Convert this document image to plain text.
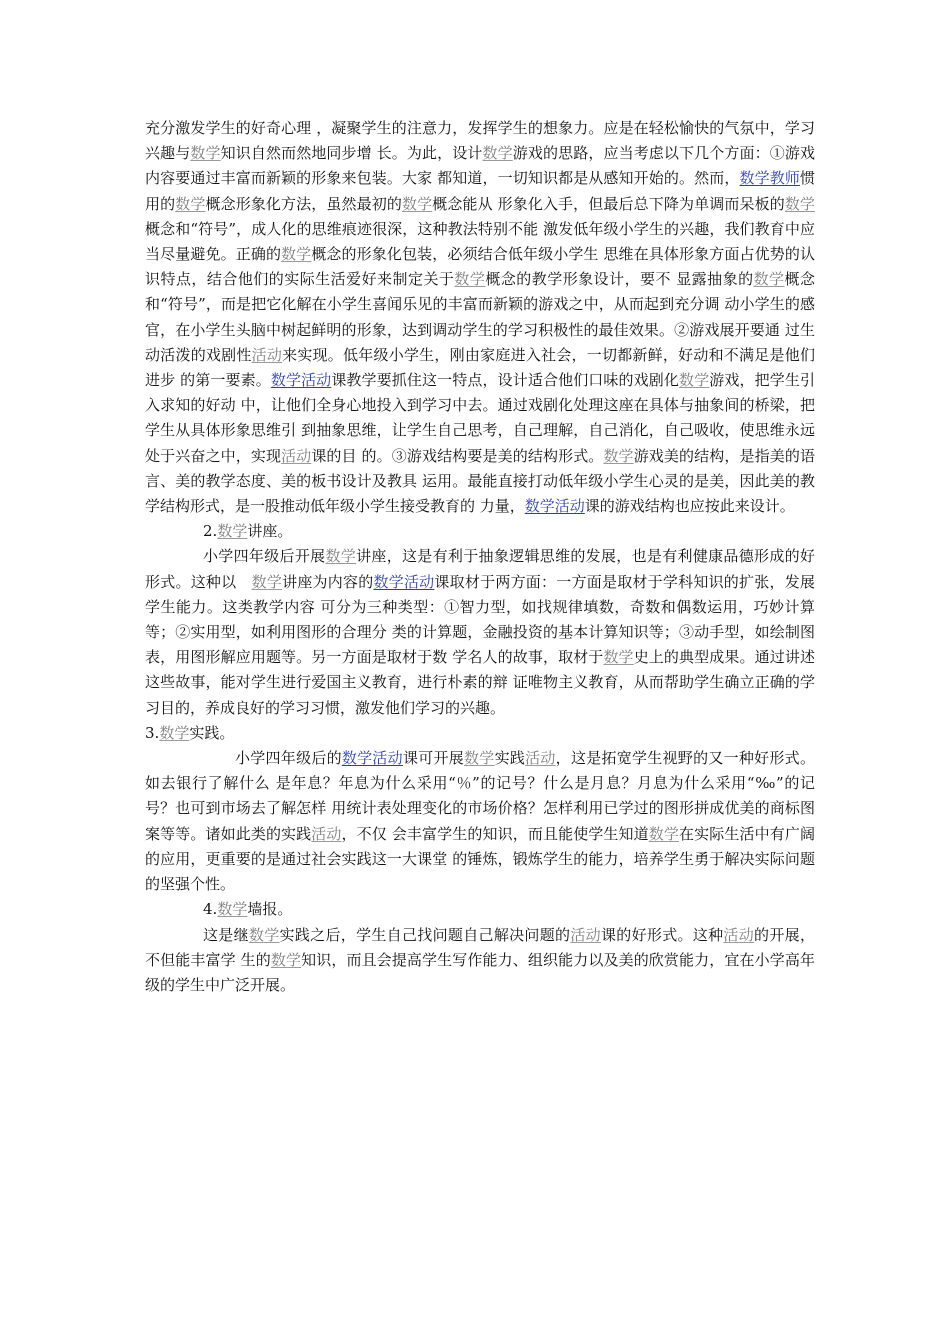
充分激发学生的好奇心理 ，凝聚学生的注意力，发挥学生的想象力。应是在轻松愉快的气氛中，学习兴趣与数学知识自然而然地同步增 长。为此，设计数学游戏的思路，应当考虑以下几个方面：①游戏内容要通过丰富而新颖的形象来包装。大家 都知道，一切知识都是从感知开始的。然而，数学教师惯用的数学概念形象化方法，虽然最初的数学概念能从 形象化入手，但最后总下降为单调而呆板的数学概念和“符号”，成人化的思维痕迹很深，这种教法特别不能 激发低年级小学生的兴趣，我们教育中应当尽量避免。正确的数学概念的形象化包装，必须结合低年级小学生 思维在具体形象方面占优势的认识特点，结合他们的实际生活爱好来制定关于数学概念的教学形象设计，要不 显露抽象的数学概念和“符号”，而是把它化解在小学生喜闻乐见的丰富而新颖的游戏之中，从而起到充分调 动小学生的感官，在小学生头脑中树起鲜明的形象，达到调动学生的学习积极性的最佳效果。②游戏展开要通 过生动活泼的戏剧性活动来实现。低年级小学生，刚由家庭进入社会，一切都新鲜，好动和不满足是他们进步 的第一要素。数学活动课教学要抓住这一特点，设计适合他们口味的戏剧化数学游戏，把学生引入求知的好动 中，让他们全身心地投入到学习中去。通过戏剧化处理这座在具体与抽象间的桥梁，把学生从具体形象思维引 到抽象思维，让学生自己思考，自己理解，自己消化，自己吸收，使思维永远处于兴奋之中，实现活动课的目 的。③游戏结构要是美的结构形式。数学游戏美的结构，是指美的语言、美的教学态度、美的板书设计及教具 运用。最能直接打动低年级小学生心灵的是美，因此美的教学结构形式，是一股推动低年级小学生接受教育的 力量，数学活动课的游戏结构也应按此来设计。

2.数学讲座。

小学四年级后开展数学讲座，这是有利于抽象逻辑思维的发展，也是有利健康品德形成的好形式。这种以　数学讲座为内容的数学活动课取材于两方面：一方面是取材于学科知识的扩张，发展学生能力。这类教学内容 可分为三种类型：①智力型，如找规律填数，奇数和偶数运用，巧妙计算等；②实用型，如利用图形的合理分 类的计算题，金融投资的基本计算知识等；③动手型，如绘制图表，用图形解应用题等。另一方面是取材于数 学名人的故事，取材于数学史上的典型成果。通过讲述这些故事，能对学生进行爱国主义教育，进行朴素的辩 证唯物主义教育，从而帮助学生确立正确的学习目的，养成良好的学习习惯，激发他们学习的兴趣。

3.数学实践。

小学四年级后的数学活动课可开展数学实践活动，这是拓宽学生视野的又一种好形式。如去银行了解什么 是年息？年息为什么采用“％”的记号？什么是月息？月息为什么采用“‰”的记号？也可到市场去了解怎样 用统计表处理变化的市场价格？怎样利用已学过的图形拼成优美的商标图案等等。诸如此类的实践活动，不仅 会丰富学生的知识，而且能使学生知道数学在实际生活中有广阔的应用，更重要的是通过社会实践这一大课堂 的锤炼，锻炼学生的能力，培养学生勇于解决实际问题的坚强个性。

4.数学墙报。

这是继数学实践之后，学生自己找问题自己解决问题的活动课的好形式。这种活动的开展，不但能丰富学 生的数学知识，而且会提高学生写作能力、组织能力以及美的欣赏能力，宜在小学高年级的学生中广泛开展。
